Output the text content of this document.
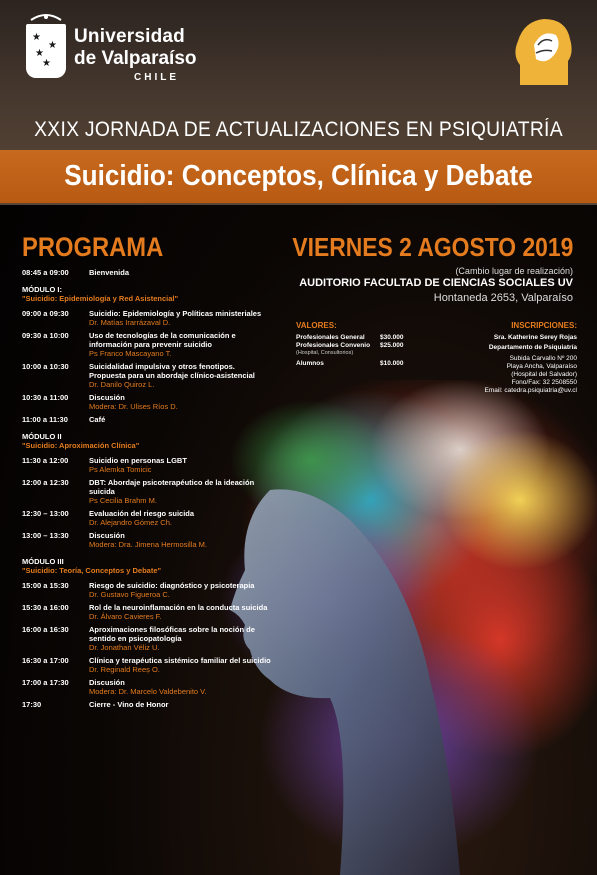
★
★
★
★
Universidad
de Valparaíso
CHILE
XXIX JORNADA DE ACTUALIZACIONES EN PSIQUIATRÍA
Suicidio: Conceptos, Clínica y Debate
PROGRAMA
08:45 a 09:00	Bienvenida
MÓDULO I:
"Suicidio: Epidemiología y Red Asistencial"
09:00 a 09:30	Suicidio: Epidemiología y Políticas ministeriales
Dr. Matías Irarrázaval D.
09:30 a 10:00	Uso de tecnologías de la comunicación e información para prevenir suicidio
Ps Franco Mascayano T.
10:00 a 10:30	Suicidalidad impulsiva y otros fenotipos. Propuesta para un abordaje clínico-asistencial
Dr. Danilo Quiroz L.
10:30 a 11:00	Discusión
Modera: Dr. Ulises Ríos D.
11:00 a 11:30	Café
MÓDULO II
"Suicidio: Aproximación Clínica"
11:30 a 12:00	Suicidio en personas LGBT
Ps Alemka Tomicic
12:00 a 12:30	DBT: Abordaje psicoterapéutico de la ideación suicida
Ps Cecilia Brahm M.
12:30 – 13:00	Evaluación del riesgo suicida
Dr. Alejandro Gómez Ch.
13:00 – 13:30	Discusión
Modera: Dra. Jimena Hermosilla M.
MÓDULO III
"Suicidio: Teoría, Conceptos y Debate"
15:00 a 15:30	Riesgo de suicidio: diagnóstico y psicoterapia
Dr. Gustavo Figueroa C.
15:30 a 16:00	Rol de la neuroinflamación en la conducta suicida
Dr. Álvaro Cavieres F.
16:00 a 16:30	Aproximaciones filosóficas sobre la noción de sentido en psicopatología
Dr. Jonathan Véliz U.
16:30 a 17:00	Clínica y terapéutica sistémico familiar del suicidio
Dr. Reginald Reeș O.
17:00 a 17:30	Discusión
Modera: Dr. Marcelo Valdebenito V.
17:30	Cierre - Vino de Honor
VIERNES 2 AGOSTO 2019
(Cambio lugar de realización)
AUDITORIO FACULTAD DE CIENCIAS SOCIALES UV
Hontaneda 2653, Valparaíso
VALORES:
Profesionales General	$30.000
Profesionales Convenio	$25.000
(Hospital, Consultorios)
Alumnos	$10.000
INSCRIPCIONES:
Sra. Katherine Serey Rojas
Departamento de Psiquiatría
Subida Carvallo Nº 200
Playa Ancha, Valparaíso
(Hospital del Salvador)
Fono/Fax: 32 2508550
Email: catedra.psiquiatria@uv.cl
